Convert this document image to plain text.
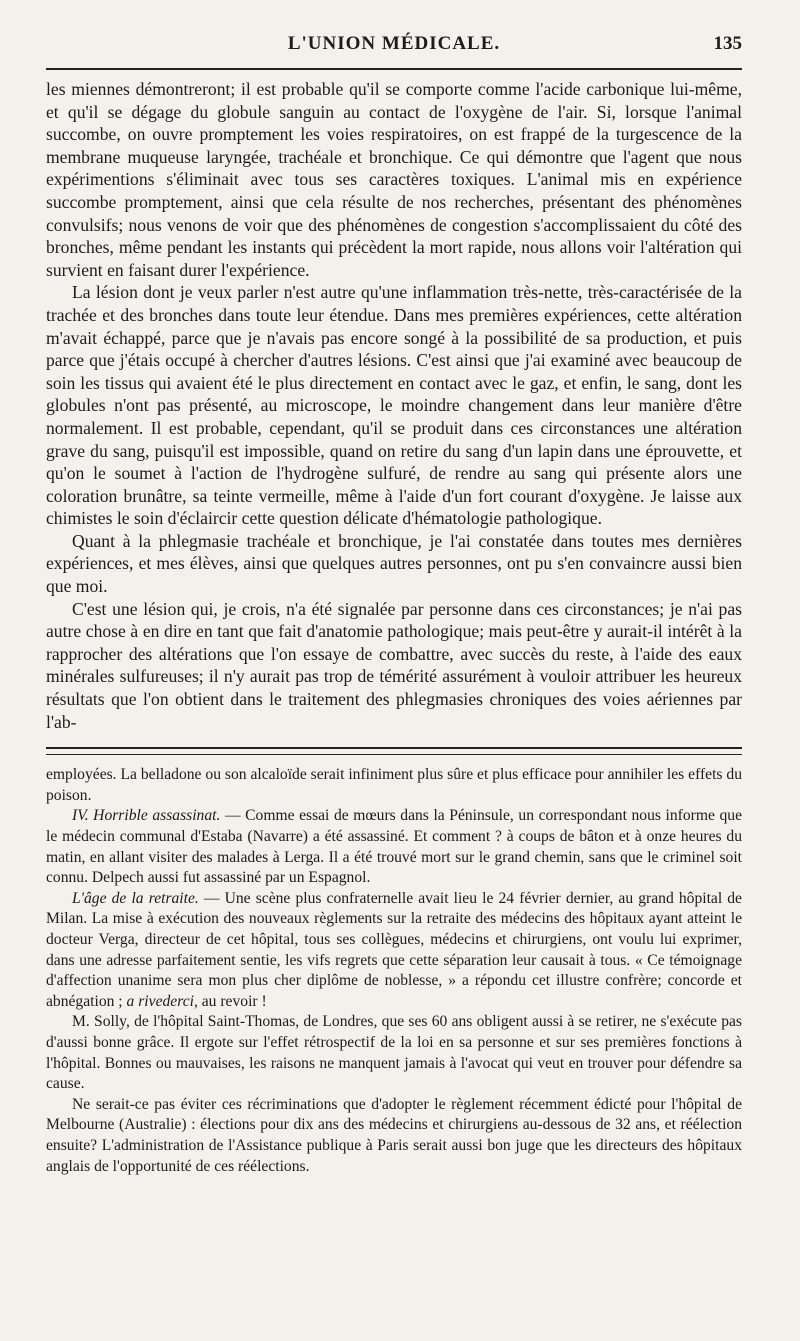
L'UNION MÉDICALE.	135

les miennes démontreront; il est probable qu'il se comporte comme l'acide carbonique lui-même, et qu'il se dégage du globule sanguin au contact de l'oxygène de l'air. Si, lorsque l'animal succombe, on ouvre promptement les voies respiratoires, on est frappé de la turgescence de la membrane muqueuse laryngée, trachéale et bronchique. Ce qui démontre que l'agent que nous expérimentions s'éliminait avec tous ses caractères toxiques. L'animal mis en expérience succombe promptement, ainsi que cela résulte de nos recherches, présentant des phénomènes convulsifs; nous venons de voir que des phénomènes de congestion s'accomplissaient du côté des bronches, même pendant les instants qui précèdent la mort rapide, nous allons voir l'altération qui survient en faisant durer l'expérience.

La lésion dont je veux parler n'est autre qu'une inflammation très-nette, très-caractérisée de la trachée et des bronches dans toute leur étendue. Dans mes premières expériences, cette altération m'avait échappé, parce que je n'avais pas encore songé à la possibilité de sa production, et puis parce que j'étais occupé à chercher d'autres lésions. C'est ainsi que j'ai examiné avec beaucoup de soin les tissus qui avaient été le plus directement en contact avec le gaz, et enfin, le sang, dont les globules n'ont pas présenté, au microscope, le moindre changement dans leur manière d'être normalement. Il est probable, cependant, qu'il se produit dans ces circonstances une altération grave du sang, puisqu'il est impossible, quand on retire du sang d'un lapin dans une éprouvette, et qu'on le soumet à l'action de l'hydrogène sulfuré, de rendre au sang qui présente alors une coloration brunâtre, sa teinte vermeille, même à l'aide d'un fort courant d'oxygène. Je laisse aux chimistes le soin d'éclaircir cette question délicate d'hématologie pathologique.

Quant à la phlegmasie trachéale et bronchique, je l'ai constatée dans toutes mes dernières expériences, et mes élèves, ainsi que quelques autres personnes, ont pu s'en convaincre aussi bien que moi.

C'est une lésion qui, je crois, n'a été signalée par personne dans ces circonstances; je n'ai pas autre chose à en dire en tant que fait d'anatomie pathologique; mais peut-être y aurait-il intérêt à la rapprocher des altérations que l'on essaye de combattre, avec succès du reste, à l'aide des eaux minérales sulfureuses; il n'y aurait pas trop de témérité assurément à vouloir attribuer les heureux résultats que l'on obtient dans le traitement des phlegmasies chroniques des voies aériennes par l'ab-

employées. La belladone ou son alcaloïde serait infiniment plus sûre et plus efficace pour annihiler les effets du poison.

IV. Horrible assassinat. — Comme essai de mœurs dans la Péninsule, un correspondant nous informe que le médecin communal d'Estaba (Navarre) a été assassiné. Et comment ? à coups de bâton et à onze heures du matin, en allant visiter des malades à Lerga. Il a été trouvé mort sur le grand chemin, sans que le criminel soit connu. Delpech aussi fut assassiné par un Espagnol.

L'âge de la retraite. — Une scène plus confraternelle avait lieu le 24 février dernier, au grand hôpital de Milan. La mise à exécution des nouveaux règlements sur la retraite des médecins des hôpitaux ayant atteint le docteur Verga, directeur de cet hôpital, tous ses collègues, médecins et chirurgiens, ont voulu lui exprimer, dans une adresse parfaitement sentie, les vifs regrets que cette séparation leur causait à tous. « Ce témoignage d'affection unanime sera mon plus cher diplôme de noblesse, » a répondu cet illustre confrère; concorde et abnégation ; a rivederci, au revoir !

M. Solly, de l'hôpital Saint-Thomas, de Londres, que ses 60 ans obligent aussi à se retirer, ne s'exécute pas d'aussi bonne grâce. Il ergote sur l'effet rétrospectif de la loi en sa personne et sur ses premières fonctions à l'hôpital. Bonnes ou mauvaises, les raisons ne manquent jamais à l'avocat qui veut en trouver pour défendre sa cause.

Ne serait-ce pas éviter ces récriminations que d'adopter le règlement récemment édicté pour l'hôpital de Melbourne (Australie) : élections pour dix ans des médecins et chirurgiens au-dessous de 32 ans, et réélection ensuite? L'administration de l'Assistance publique à Paris serait aussi bon juge que les directeurs des hôpitaux anglais de l'opportunité de ces réélections.
